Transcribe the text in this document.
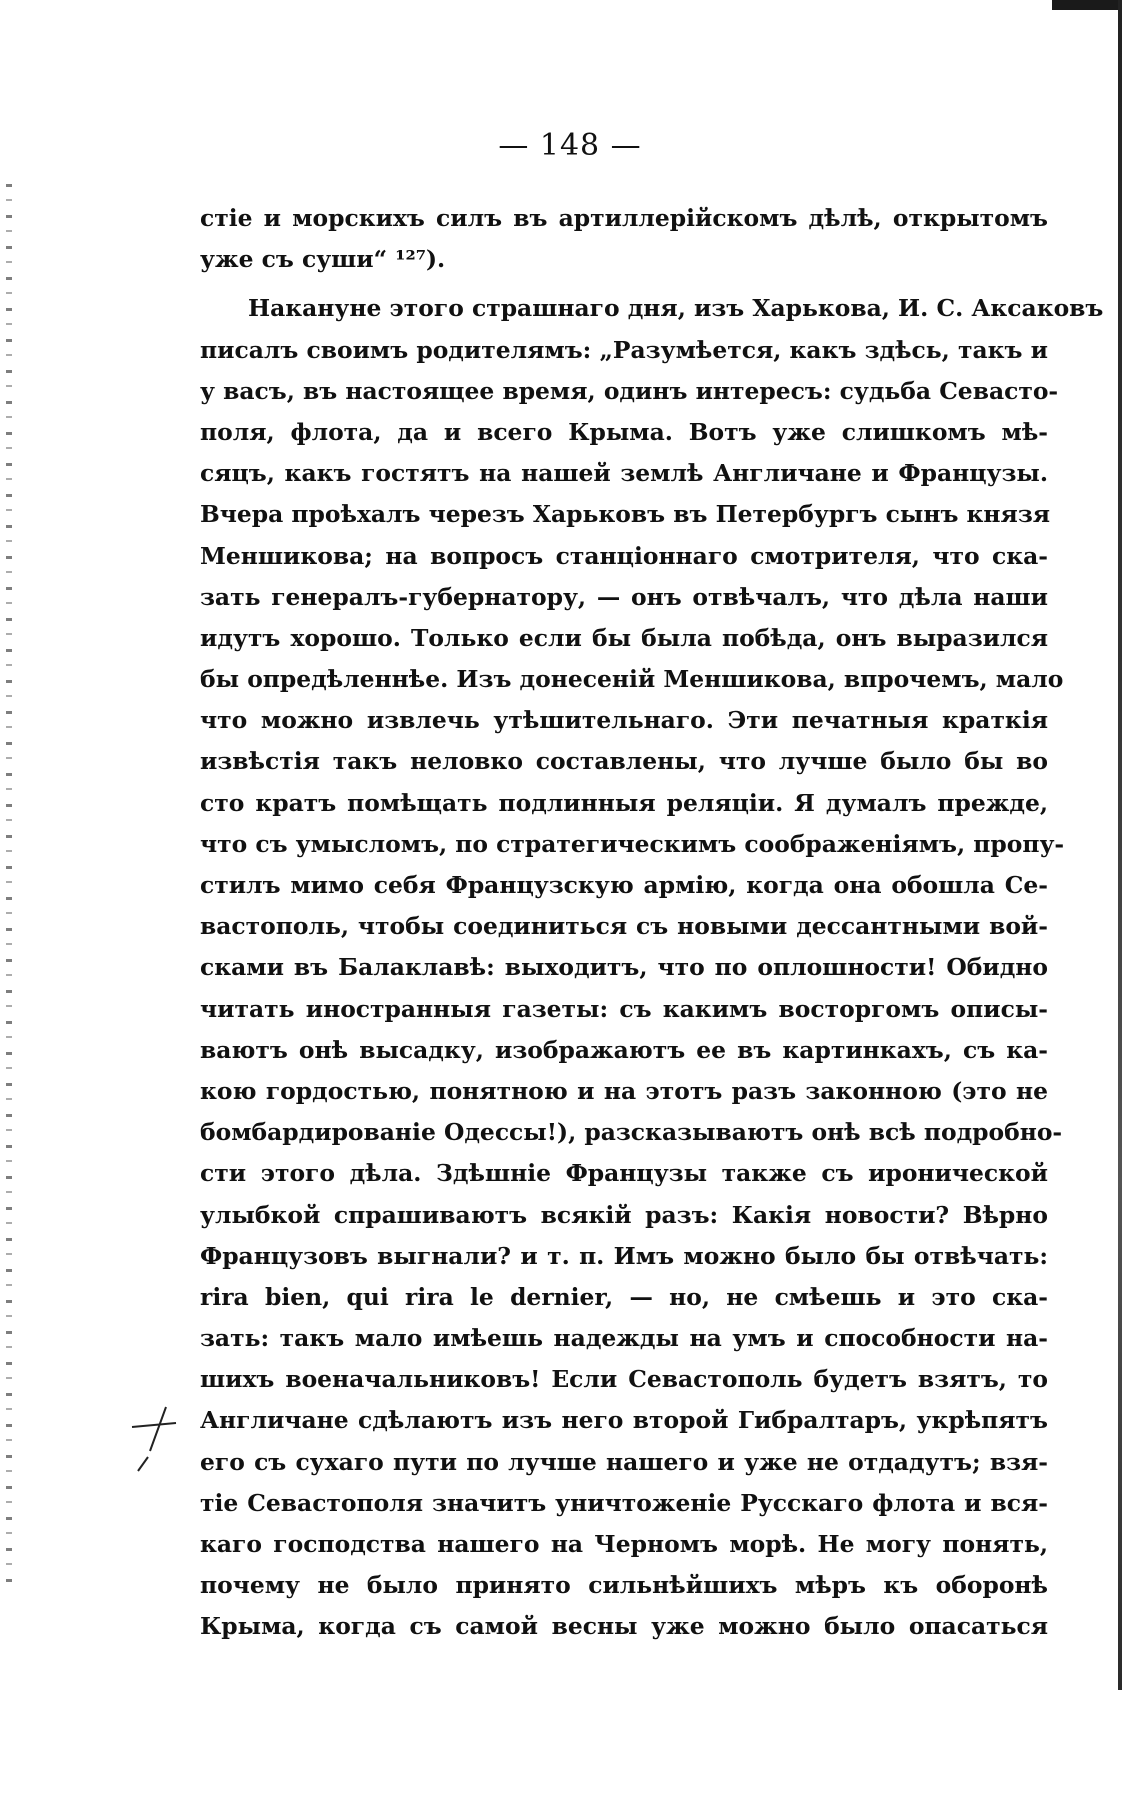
— 148 —
стіе и морскихъ силъ въ артиллерійскомъ дѣлѣ, открытомъ
уже съ суши“ ¹²⁷).
Накануне этого страшнаго дня, изъ Харькова, И. С. Аксаковъ
писалъ своимъ родителямъ: „Разумѣется, какъ здѣсь, такъ и
у васъ, въ настоящее время, одинъ интересъ: судьба Севасто-
поля, флота, да и всего Крыма. Вотъ уже слишкомъ мѣ-
сяцъ, какъ гостятъ на нашей землѣ Англичане и Французы.
Вчера проѣхалъ черезъ Харьковъ въ Петербургъ сынъ князя
Меншикова; на вопросъ станціоннаго смотрителя, что ска-
зать генералъ-губернатору, — онъ отвѣчалъ, что дѣла наши
идутъ хорошо. Только если бы была побѣда, онъ выразился
бы опредѣленнѣе. Изъ донесеній Меншикова, впрочемъ, мало
что можно извлечь утѣшительнаго. Эти печатныя краткія
извѣстія такъ неловко составлены, что лучше было бы во
сто кратъ помѣщать подлинныя реляціи. Я думалъ прежде,
что съ умысломъ, по стратегическимъ соображеніямъ, пропу-
стилъ мимо себя Французскую армію, когда она обошла Се-
вастополь, чтобы соединиться съ новыми дессантными вой-
сками въ Балаклавѣ: выходитъ, что по оплошности! Обидно
читать иностранныя газеты: съ какимъ восторгомъ описы-
ваютъ онѣ высадку, изображаютъ ее въ картинкахъ, съ ка-
кою гордостью, понятною и на этотъ разъ законною (это не
бомбардированіе Одессы!), разсказываютъ онѣ всѣ подробно-
сти этого дѣла. Здѣшніе Французы также съ иронической
улыбкой спрашиваютъ всякій разъ: Какія новости? Вѣрно
Французовъ выгнали? и т. п. Имъ можно было бы отвѣчать:
rira bien, qui rira le dernier, — но, не смѣешь и это ска-
зать: такъ мало имѣешь надежды на умъ и способности на-
шихъ военачальниковъ! Если Севастополь будетъ взятъ, то
Англичане сдѣлаютъ изъ него второй Гибралтаръ, укрѣпятъ
его съ сухаго пути по лучше нашего и уже не отдадутъ; взя-
тіе Севастополя значитъ уничтоженіе Русскаго флота и вся-
каго господства нашего на Черномъ морѣ. Не могу понять,
почему не было принято сильнѣйшихъ мѣръ къ оборонѣ
Крыма, когда съ самой весны уже можно было опасаться
